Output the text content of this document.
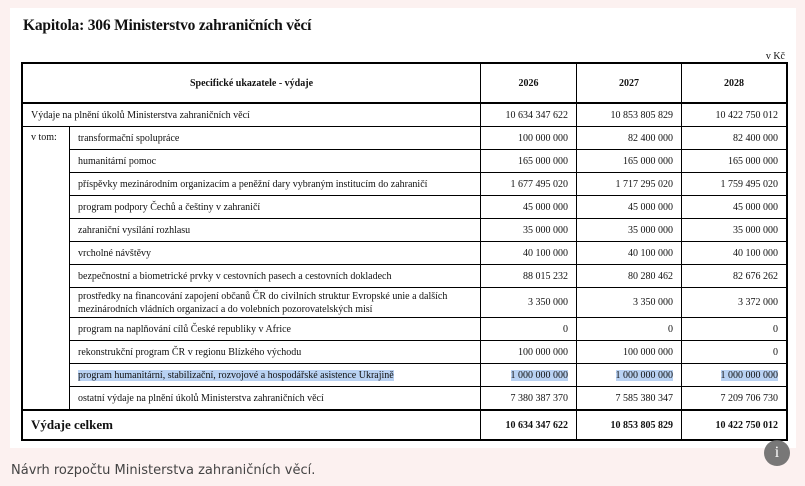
Kapitola: 306 Ministerstvo zahraničních věcí
v Kč
Specifické ukazatele - výdaje		2026	2027	2028
Výdaje na plnění úkolů Ministerstva zahraničních věcí		10 634 347 622	10 853 805 829	10 422 750 012
v tom:	transformační spolupráce	100 000 000	82 400 000	82 400 000
	humanitární pomoc	165 000 000	165 000 000	165 000 000
	příspěvky mezinárodním organizacím a peněžní dary vybraným institucím do zahraničí	1 677 495 020	1 717 295 020	1 759 495 020
	program podpory Čechů a češtiny v zahraničí	45 000 000	45 000 000	45 000 000
	zahraniční vysílání rozhlasu	35 000 000	35 000 000	35 000 000
	vrcholné návštěvy	40 100 000	40 100 000	40 100 000
	bezpečnostní a biometrické prvky v cestovních pasech a cestovních dokladech	88 015 232	80 280 462	82 676 262
	prostředky na financování zapojení občanů ČR do civilních struktur Evropské unie a dalších mezinárodních vládních organizací a do volebních pozorovatelských misí	3 350 000	3 350 000	3 372 000
	program na naplňování cílů České republiky v Africe	0	0	0
	rekonstrukční program ČR v regionu Blízkého východu	100 000 000	100 000 000	0
	program humanitární, stabilizační, rozvojové a hospodářské asistence Ukrajině	1 000 000 000	1 000 000 000	1 000 000 000
	ostatní výdaje na plnění úkolů Ministerstva zahraničních věcí	7 380 387 370	7 585 380 347	7 209 706 730
Výdaje celkem		10 634 347 622	10 853 805 829	10 422 750 012
i
Návrh rozpočtu Ministerstva zahraničních věcí.
